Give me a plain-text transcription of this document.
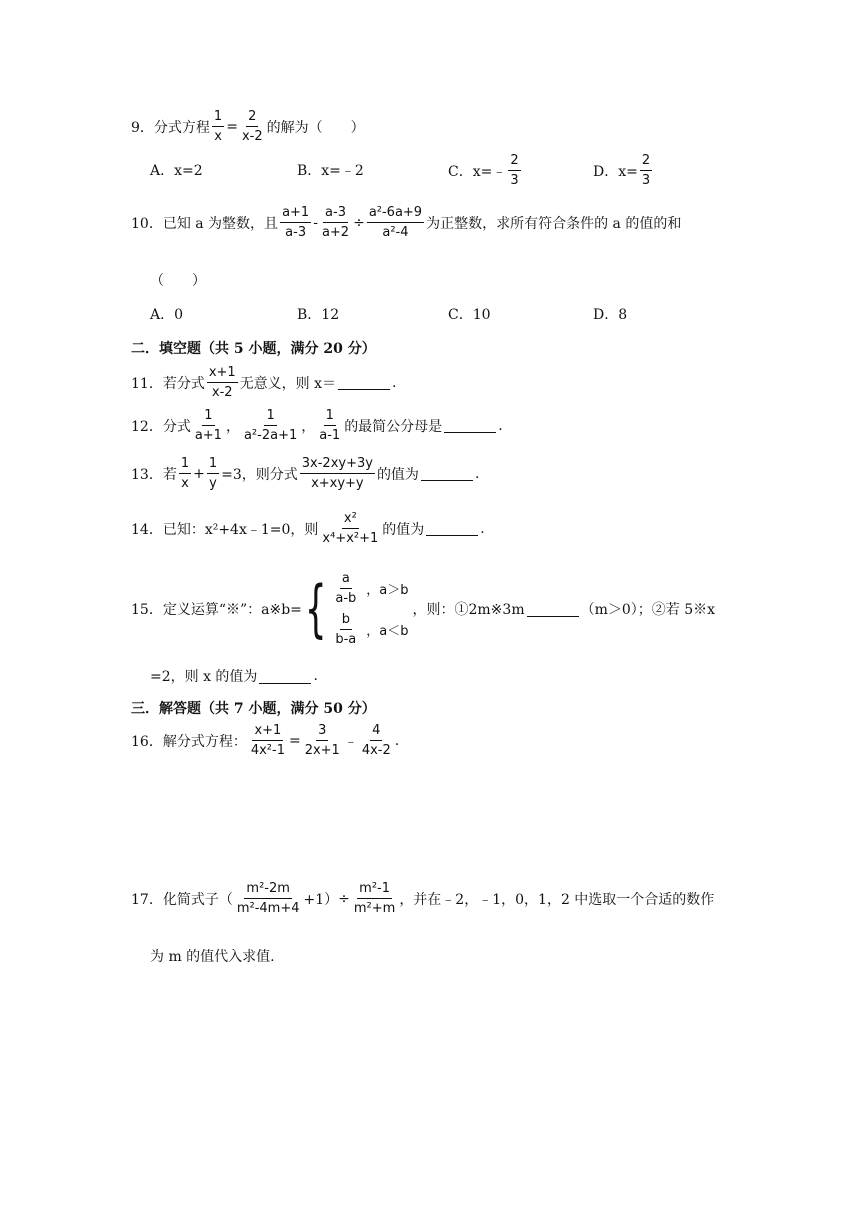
9．分式方程 $\frac{1}{x} = \frac{2}{x-2}$ 的解为（　　）
A．x=2	B．x=﹣2	C．x=﹣ $\frac{2}{3}$	D．$x= \frac{2}{3}$
10．已知 a 为整数，且 $\frac{a+1}{a-3} - \frac{a-3}{a+2} \div \frac{\text{a²-6a+9}}{\text{a²-4}}$ 为正整数，求所有符合条件的 a 的值的和
（　　）
A．0	B．12	C．10	D．8
二．填空题（共 5 小题，满分 20 分）
11．若分式 $\frac{x+1}{x-2}$ 无意义，则 x＝	.
12．分式 $\frac{1}{a+1}$ ， $\frac{1}{\text{a²-2a+1}}$ ， $\frac{1}{a-1}$ 的最简公分母是	.
13．若 $\frac{1}{x} + \frac{1}{y} =3$，则分式 $\frac{3x-2xy+3y}{x+xy+y}$ 的值为	.
14．已知：x²+4x﹣1=0，则 $\frac{\text{x²}}{\text{x⁴+x²+1}}$ 的值为	.
15．定义运算“※”：a※b= { $\frac{a}{a-b}$ ，a＞b
$\frac{b}{b-a}$ ，a＜b
，则：①2m※3m	（m＞0）；②若 5※x
=2，则 x 的值为	.
三．解答题（共 7 小题，满分 50 分）
16．解分式方程： $\frac{x+1}{\text{4x²-1}} = \frac{3}{2x+1}$ ﹣ $\frac{4}{4x-2}$ .
17．化简式子（ $\frac{\text{m²-2m}}{\text{m²-4m+4}} +1) \div \frac{\text{m²-1}}{\text{m²+m}}$ ，并在﹣2，﹣1，0，1，2 中选取一个合适的数作
为 m 的值代入求值.
